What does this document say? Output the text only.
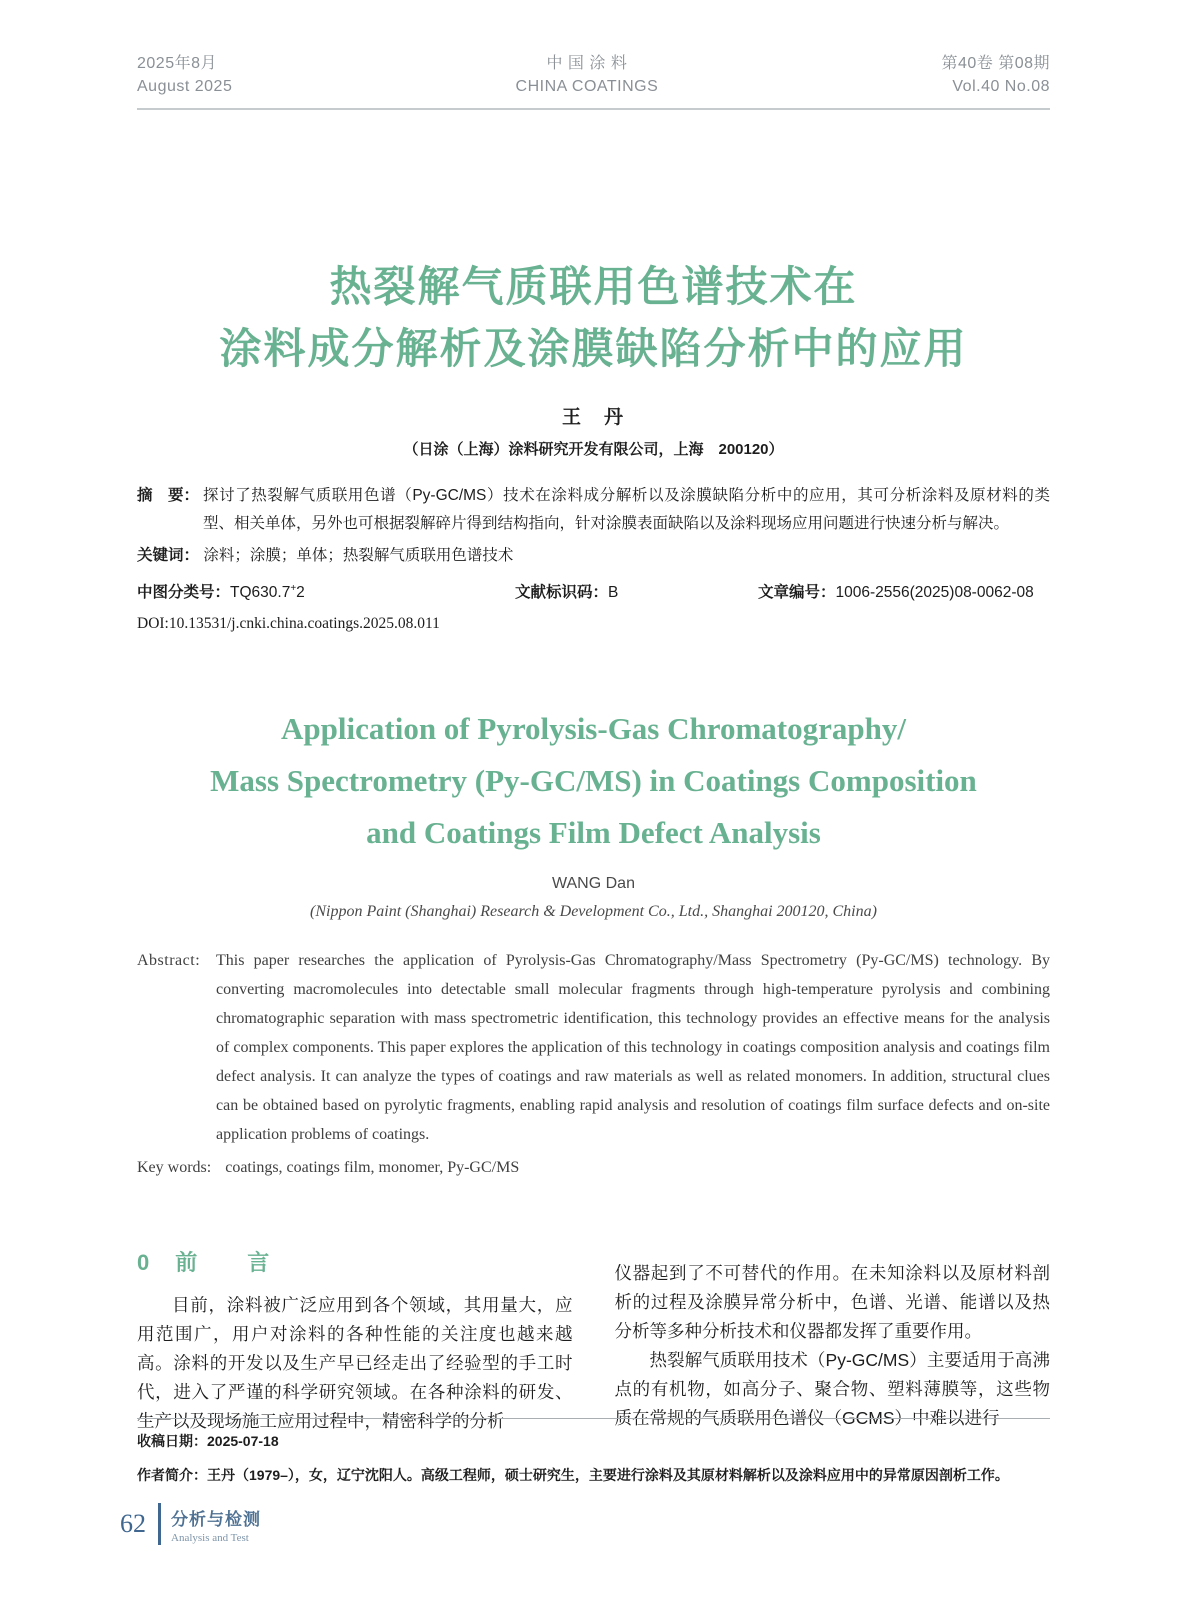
2025年8月
August 2025
中 国 涂 料
CHINA COATINGS
第40卷 第08期
Vol.40 No.08
热裂解气质联用色谱技术在
涂料成分解析及涂膜缺陷分析中的应用
王　丹
（日涂（上海）涂料研究开发有限公司，上海　200120）
摘　要： 探讨了热裂解气质联用色谱（Py-GC/MS）技术在涂料成分解析以及涂膜缺陷分析中的应用，其可分析涂料及原材料的类型、相关单体，另外也可根据裂解碎片得到结构指向，针对涂膜表面缺陷以及涂料现场应用问题进行快速分析与解决。
关键词： 涂料；涂膜；单体；热裂解气质联用色谱技术
中图分类号：TQ630.7+2	文献标识码：B	文章编号：1006-2556(2025)08-0062-08
DOI:10.13531/j.cnki.china.coatings.2025.08.011
Application of Pyrolysis-Gas Chromatography/
Mass Spectrometry (Py-GC/MS) in Coatings Composition
and Coatings Film Defect Analysis
WANG Dan
(Nippon Paint (Shanghai) Research & Development Co., Ltd., Shanghai 200120, China)
Abstract: This paper researches the application of Pyrolysis-Gas Chromatography/Mass Spectrometry (Py-GC/MS) technology. By converting macromolecules into detectable small molecular fragments through high-temperature pyrolysis and combining chromatographic separation with mass spectrometric identification, this technology provides an effective means for the analysis of complex components. This paper explores the application of this technology in coatings composition analysis and coatings film defect analysis. It can analyze the types of coatings and raw materials as well as related monomers. In addition, structural clues can be obtained based on pyrolytic fragments, enabling rapid analysis and resolution of coatings film surface defects and on-site application problems of coatings.
Key words: coatings, coatings film, monomer, Py-GC/MS
0 前　言

目前，涂料被广泛应用到各个领域，其用量大，应用范围广，用户对涂料的各种性能的关注度也越来越高。涂料的开发以及生产早已经走出了经验型的手工时代，进入了严谨的科学研究领域。在各种涂料的研发、生产以及现场施工应用过程中，精密科学的分析

仪器起到了不可替代的作用。在未知涂料以及原材料剖析的过程及涂膜异常分析中，色谱、光谱、能谱以及热分析等多种分析技术和仪器都发挥了重要作用。

热裂解气质联用技术（Py-GC/MS）主要适用于高沸点的有机物，如高分子、聚合物、塑料薄膜等，这些物质在常规的气质联用色谱仪（GCMS）中难以进行

收稿日期：2025-07-18
作者简介：王丹（1979–），女，辽宁沈阳人。高级工程师，硕士研究生，主要进行涂料及其原材料解析以及涂料应用中的异常原因剖析工作。
62	分析与检测
Analysis and Test
